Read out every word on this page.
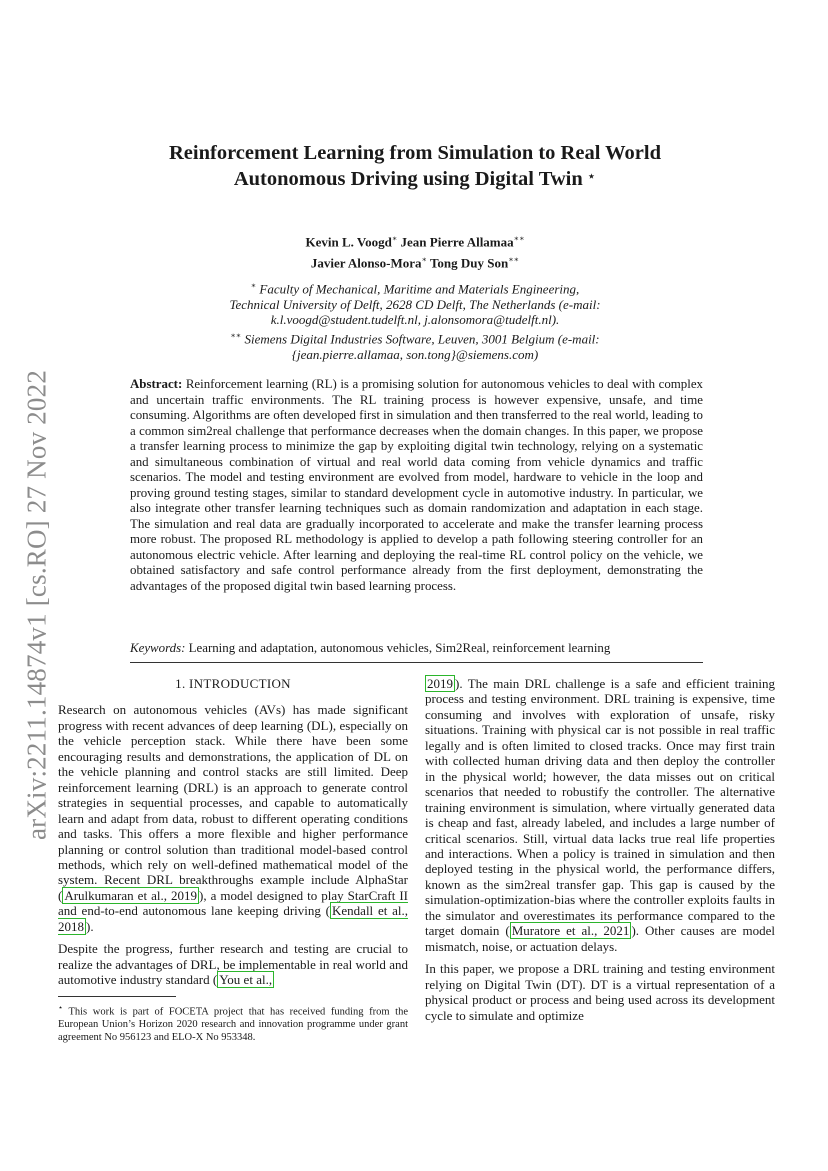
arXiv:2211.14874v1 [cs.RO] 27 Nov 2022
Reinforcement Learning from Simulation to Real World Autonomous Driving using Digital Twin ⋆
Kevin L. Voogd∗ Jean Pierre Allamaa∗∗
Javier Alonso-Mora∗ Tong Duy Son∗∗
∗ Faculty of Mechanical, Maritime and Materials Engineering,
Technical University of Delft, 2628 CD Delft, The Netherlands (e-mail:
k.l.voogd@student.tudelft.nl, j.alonsomora@tudelft.nl).
∗∗ Siemens Digital Industries Software, Leuven, 3001 Belgium (e-mail:
{jean.pierre.allamaa, son.tong}@siemens.com)

Abstract: Reinforcement learning (RL) is a promising solution for autonomous vehicles to deal with complex and uncertain traffic environments. The RL training process is however expensive, unsafe, and time consuming. Algorithms are often developed first in simulation and then transferred to the real world, leading to a common sim2real challenge that performance decreases when the domain changes. In this paper, we propose a transfer learning process to minimize the gap by exploiting digital twin technology, relying on a systematic and simultaneous combination of virtual and real world data coming from vehicle dynamics and traffic scenarios. The model and testing environment are evolved from model, hardware to vehicle in the loop and proving ground testing stages, similar to standard development cycle in automotive industry. In particular, we also integrate other transfer learning techniques such as domain randomization and adaptation in each stage. The simulation and real data are gradually incorporated to accelerate and make the transfer learning process more robust. The proposed RL methodology is applied to develop a path following steering controller for an autonomous electric vehicle. After learning and deploying the real-time RL control policy on the vehicle, we obtained satisfactory and safe control performance already from the first deployment, demonstrating the advantages of the proposed digital twin based learning process.

Keywords: Learning and adaptation, autonomous vehicles, Sim2Real, reinforcement learning
1. INTRODUCTION

Research on autonomous vehicles (AVs) has made significant progress with recent advances of deep learning (DL), especially on the vehicle perception stack. While there have been some encouraging results and demonstrations, the application of DL on the vehicle planning and control stacks are still limited. Deep reinforcement learning (DRL) is an approach to generate control strategies in sequential processes, and capable to automatically learn and adapt from data, robust to different operating conditions and tasks. This offers a more flexible and higher performance planning or control solution than traditional model-based control methods, which rely on well-defined mathematical model of the system. Recent DRL breakthroughs example include AlphaStar ( Arulkumaran et al., 2019 ), a model designed to play StarCraft II and end-to-end autonomous lane keeping driving ( Kendall et al., 2018 ).

Despite the progress, further research and testing are crucial to realize the advantages of DRL, be implementable in real world and automotive industry standard ( You et al.,

⋆ This work is part of FOCETA project that has received funding from the European Union’s Horizon 2020 research and innovation programme under grant agreement No 956123 and ELO-X No 953348.

2019 ). The main DRL challenge is a safe and efficient training process and testing environment. DRL training is expensive, time consuming and involves with exploration of unsafe, risky situations. Training with physical car is not possible in real traffic legally and is often limited to closed tracks. Once may first train with collected human driving data and then deploy the controller in the physical world; however, the data misses out on critical scenarios that needed to robustify the controller. The alternative training environment is simulation, where virtually generated data is cheap and fast, already labeled, and includes a large number of critical scenarios. Still, virtual data lacks true real life properties and interactions. When a policy is trained in simulation and then deployed testing in the physical world, the performance differs, known as the sim2real transfer gap. This gap is caused by the simulation-optimization-bias where the controller exploits faults in the simulator and overestimates its performance compared to the target domain ( Muratore et al., 2021 ). Other causes are model mismatch, noise, or actuation delays.

In this paper, we propose a DRL training and testing environment relying on Digital Twin (DT). DT is a virtual representation of a physical product or process and being used across its development cycle to simulate and optimize
